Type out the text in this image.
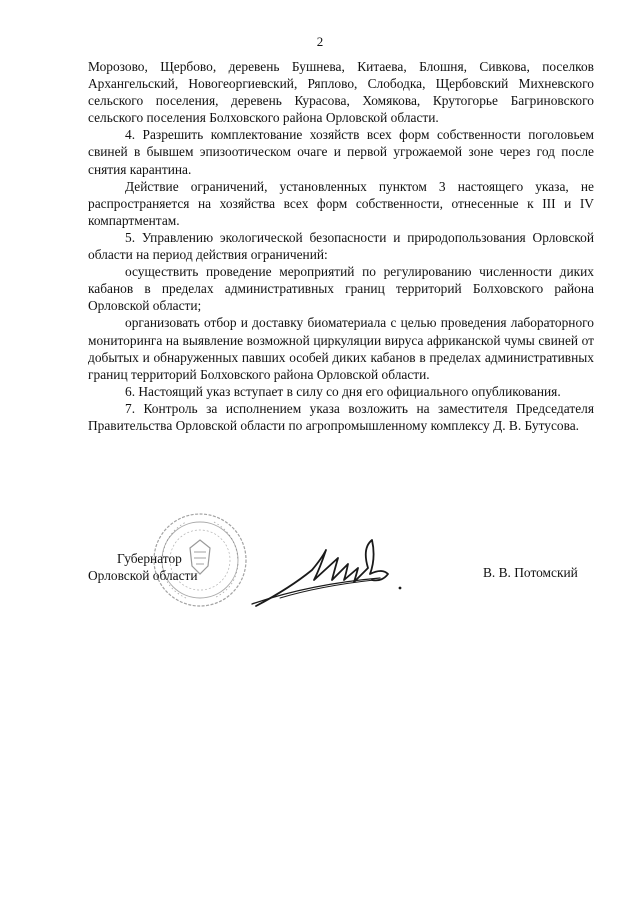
2

Морозово, Щербово, деревень Бушнева, Китаева, Блошня, Сивкова, поселков Архангельский, Новогеоргиевский, Ряплово, Слободка, Щербовский Михневского сельского поселения, деревень Курасова, Хомякова, Крутогорье Багриновского сельского поселения Болховского района Орловской области.

4. Разрешить комплектование хозяйств всех форм собственности поголовьем свиней в бывшем эпизоотическом очаге и первой угрожаемой зоне через год после снятия карантина.

Действие ограничений, установленных пунктом 3 настоящего указа, не распространяется на хозяйства всех форм собственности, отнесенные к III и IV компартментам.

5. Управлению экологической безопасности и природопользования Орловской области на период действия ограничений:

осуществить проведение мероприятий по регулированию численности диких кабанов в пределах административных границ территорий Болховского района Орловской области;

организовать отбор и доставку биоматериала с целью проведения лабораторного мониторинга на выявление возможной циркуляции вируса африканской чумы свиней от добытых и обнаруженных павших особей диких кабанов в пределах административных границ территорий Болховского района Орловской области.

6. Настоящий указ вступает в силу со дня его официального опубликования.

7. Контроль за исполнением указа возложить на заместителя Председателя Правительства Орловской области по агропромышленному комплексу Д. В. Бутусова.

Губернатор
Орловской области	В. В. Потомский
